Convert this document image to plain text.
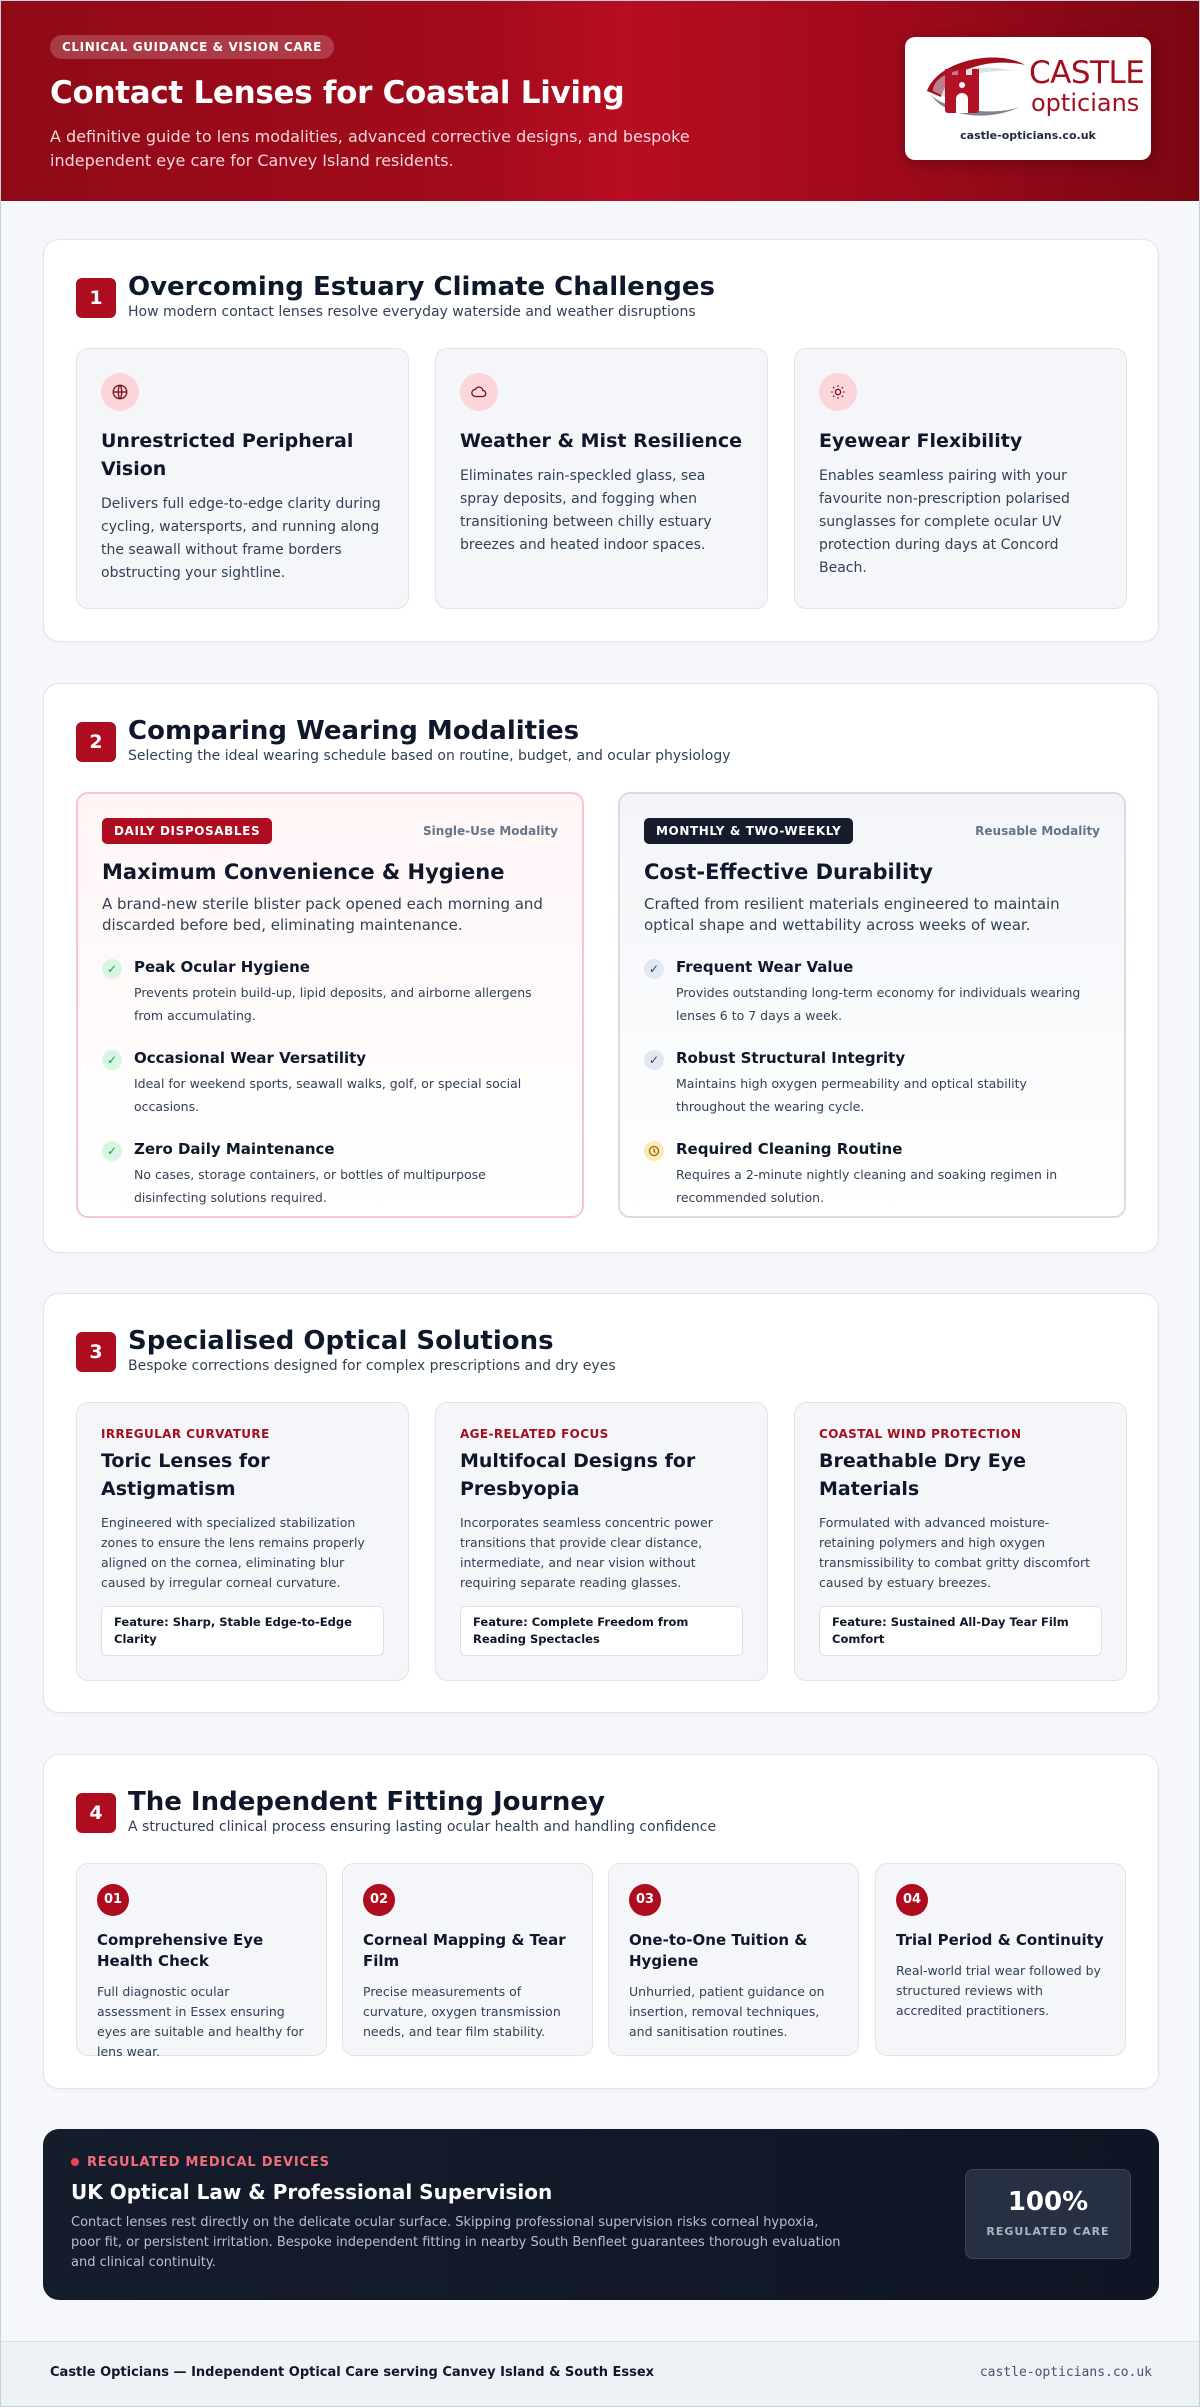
CLINICAL GUIDANCE & VISION CARE
Contact Lenses for Coastal Living

A definitive guide to lens modalities, advanced corrective designs, and bespoke independent eye care for Canvey Island residents.

CASTLE
opticians
castle-opticians.co.uk
1 Overcoming Estuary Climate Challenges

How modern contact lenses resolve everyday waterside and weather disruptions

Unrestricted Peripheral Vision

Delivers full edge-to-edge clarity during cycling, watersports, and running along the seawall without frame borders obstructing your sightline.

Weather & Mist Resilience

Eliminates rain-speckled glass, sea spray deposits, and fogging when transitioning between chilly estuary breezes and heated indoor spaces.

Eyewear Flexibility

Enables seamless pairing with your favourite non-prescription polarised sunglasses for complete ocular UV protection during days at Concord Beach.

2 Comparing Wearing Modalities

Selecting the ideal wearing schedule based on routine, budget, and ocular physiology

DAILY DISPOSABLES	Single-Use Modality
Maximum Convenience & Hygiene

A brand-new sterile blister pack opened each morning and discarded before bed, eliminating maintenance.

✓	Peak Ocular Hygiene
Prevents protein build-up, lipid deposits, and airborne allergens from accumulating.
✓	Occasional Wear Versatility
Ideal for weekend sports, seawall walks, golf, or special social occasions.
✓	Zero Daily Maintenance
No cases, storage containers, or bottles of multipurpose disinfecting solutions required.
MONTHLY & TWO-WEEKLY	Reusable Modality
Cost-Effective Durability

Crafted from resilient materials engineered to maintain optical shape and wettability across weeks of wear.

✓	Frequent Wear Value
Provides outstanding long-term economy for individuals wearing lenses 6 to 7 days a week.
✓	Robust Structural Integrity
Maintains high oxygen permeability and optical stability throughout the wearing cycle.
Required Cleaning Routine
Requires a 2-minute nightly cleaning and soaking regimen in recommended solution.
3 Specialised Optical Solutions

Bespoke corrections designed for complex prescriptions and dry eyes

IRREGULAR CURVATURE
Toric Lenses for Astigmatism

Engineered with specialized stabilization zones to ensure the lens remains properly aligned on the cornea, eliminating blur caused by irregular corneal curvature.

Feature: Sharp, Stable Edge-to-Edge Clarity
AGE-RELATED FOCUS
Multifocal Designs for Presbyopia

Incorporates seamless concentric power transitions that provide clear distance, intermediate, and near vision without requiring separate reading glasses.

Feature: Complete Freedom from Reading Spectacles
COASTAL WIND PROTECTION
Breathable Dry Eye Materials

Formulated with advanced moisture-retaining polymers and high oxygen transmissibility to combat gritty discomfort caused by estuary breezes.

Feature: Sustained All-Day Tear Film Comfort
4 The Independent Fitting Journey

A structured clinical process ensuring lasting ocular health and handling confidence

01
Comprehensive Eye Health Check

Full diagnostic ocular assessment in Essex ensuring eyes are suitable and healthy for lens wear.

02
Corneal Mapping & Tear Film

Precise measurements of curvature, oxygen transmission needs, and tear film stability.

03
One-to-One Tuition & Hygiene

Unhurried, patient guidance on insertion, removal techniques, and sanitisation routines.

04
Trial Period & Continuity

Real-world trial wear followed by structured reviews with accredited practitioners.

REGULATED MEDICAL DEVICES
UK Optical Law & Professional Supervision

Contact lenses rest directly on the delicate ocular surface. Skipping professional supervision risks corneal hypoxia, poor fit, or persistent irritation. Bespoke independent fitting in nearby South Benfleet guarantees thorough evaluation and clinical continuity.

100%
REGULATED CARE
Castle Opticians — Independent Optical Care serving Canvey Island & South Essex	castle-opticians.co.uk
